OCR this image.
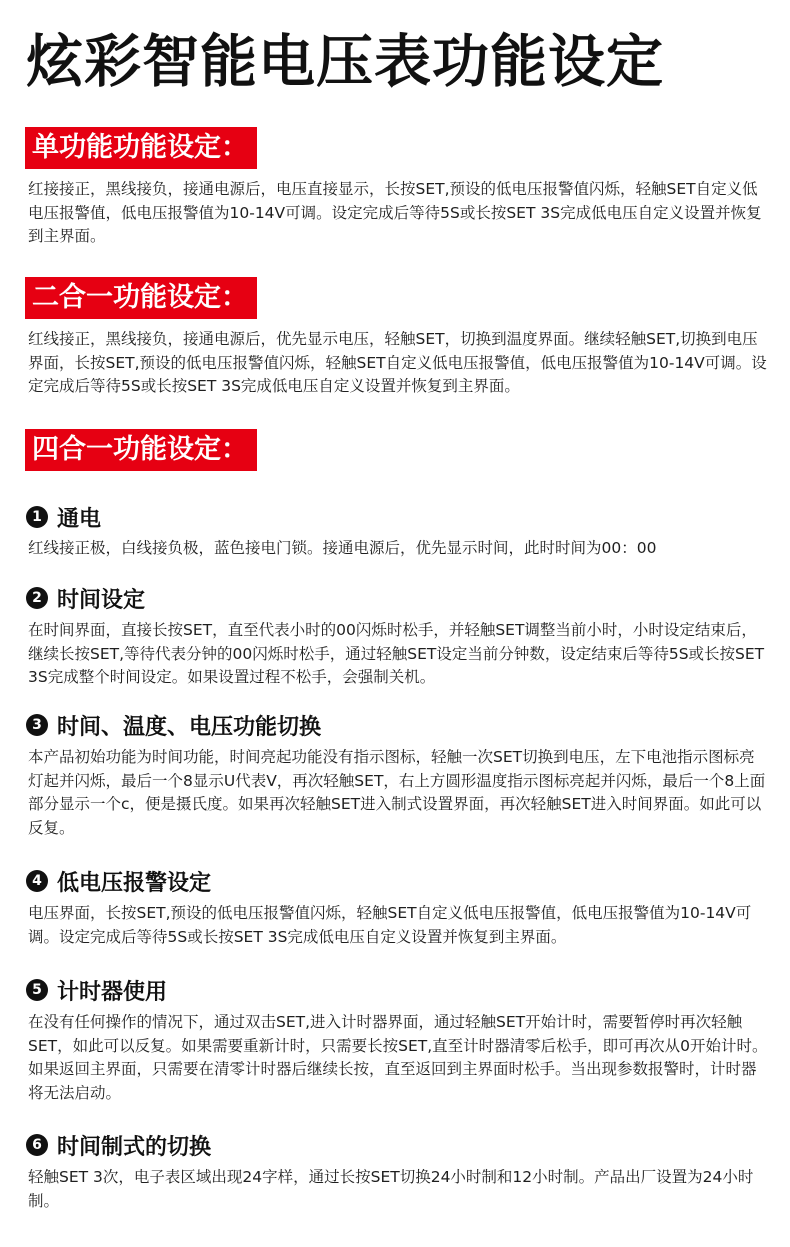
炫彩智能电压表功能设定
单功能功能设定：

红接接正，黑线接负，接通电源后，电压直接显示，长按SET,预设的低电压报警值闪烁，轻触SET自定义低电压报警值，低电压报警值为10-14V可调。设定完成后等待5S或长按SET 3S完成低电压自定义设置并恢复到主界面。

二合一功能设定：

红线接正，黑线接负，接通电源后，优先显示电压，轻触SET，切换到温度界面。继续轻触SET,切换到电压界面，长按SET,预设的低电压报警值闪烁，轻触SET自定义低电压报警值，低电压报警值为10-14V可调。设定完成后等待5S或长按SET 3S完成低电压自定义设置并恢复到主界面。

四合一功能设定：
1 通电

红线接正极，白线接负极，蓝色接电门锁。接通电源后，优先显示时间，此时时间为00：00

2 时间设定

在时间界面，直接长按SET，直至代表小时的00闪烁时松手，并轻触SET调整当前小时，小时设定结束后，继续长按SET,等待代表分钟的00闪烁时松手，通过轻触SET设定当前分钟数，设定结束后等待5S或长按SET 3S完成整个时间设定。如果设置过程不松手，会强制关机。

3 时间、温度、电压功能切换

本产品初始功能为时间功能，时间亮起功能没有指示图标，轻触一次SET切换到电压，左下电池指示图标亮灯起并闪烁，最后一个8显示U代表V，再次轻触SET，右上方圆形温度指示图标亮起并闪烁，最后一个8上面部分显示一个c，便是摄氏度。如果再次轻触SET进入制式设置界面，再次轻触SET进入时间界面。如此可以反复。

4 低电压报警设定

电压界面，长按SET,预设的低电压报警值闪烁，轻触SET自定义低电压报警值，低电压报警值为10-14V可调。设定完成后等待5S或长按SET 3S完成低电压自定义设置并恢复到主界面。

5 计时器使用

在没有任何操作的情况下，通过双击SET,进入计时器界面，通过轻触SET开始计时，需要暂停时再次轻触SET，如此可以反复。如果需要重新计时，只需要长按SET,直至计时器清零后松手，即可再次从0开始计时。如果返回主界面，只需要在清零计时器后继续长按，直至返回到主界面时松手。当出现参数报警时，计时器将无法启动。

6 时间制式的切换

轻触SET 3次，电子表区域出现24字样，通过长按SET切换24小时制和12小时制。产品出厂设置为24小时制。
